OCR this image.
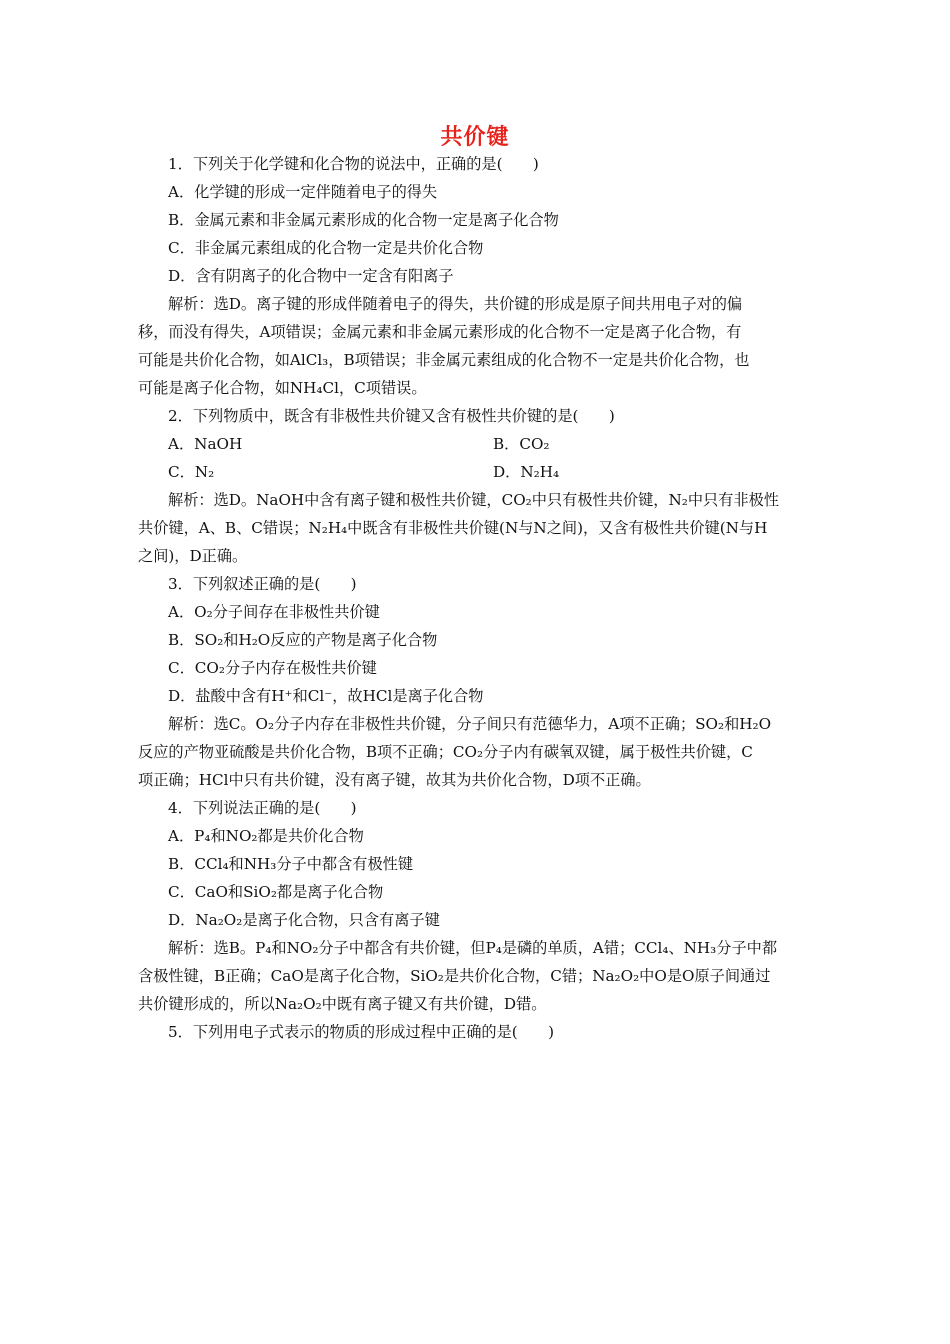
共价键

1．下列关于化学键和化合物的说法中，正确的是(　　)

A．化学键的形成一定伴随着电子的得失

B．金属元素和非金属元素形成的化合物一定是离子化合物

C．非金属元素组成的化合物一定是共价化合物

D．含有阴离子的化合物中一定含有阳离子

解析：选D。离子键的形成伴随着电子的得失，共价键的形成是原子间共用电子对的偏

移，而没有得失，A项错误；金属元素和非金属元素形成的化合物不一定是离子化合物，有

可能是共价化合物，如AlCl₃，B项错误；非金属元素组成的化合物不一定是共价化合物，也

可能是离子化合物，如NH₄Cl，C项错误。

2．下列物质中，既含有非极性共价键又含有极性共价键的是(　　)

A．NaOH	B．CO₂
C．N₂	D．N₂H₄

解析：选D。NaOH中含有离子键和极性共价键，CO₂中只有极性共价键，N₂中只有非极性

共价键，A、B、C错误；N₂H₄中既含有非极性共价键(N与N之间)，又含有极性共价键(N与H

之间)，D正确。

3．下列叙述正确的是(　　)

A．O₂分子间存在非极性共价键

B．SO₂和H₂O反应的产物是离子化合物

C．CO₂分子内存在极性共价键

D．盐酸中含有H⁺和Cl⁻，故HCl是离子化合物

解析：选C。O₂分子内存在非极性共价键，分子间只有范德华力，A项不正确；SO₂和H₂O

反应的产物亚硫酸是共价化合物，B项不正确；CO₂分子内有碳氧双键，属于极性共价键，C

项正确；HCl中只有共价键，没有离子键，故其为共价化合物，D项不正确。

4．下列说法正确的是(　　)

A．P₄和NO₂都是共价化合物

B．CCl₄和NH₃分子中都含有极性键

C．CaO和SiO₂都是离子化合物

D．Na₂O₂是离子化合物，只含有离子键

解析：选B。P₄和NO₂分子中都含有共价键，但P₄是磷的单质，A错；CCl₄、NH₃分子中都

含极性键，B正确；CaO是离子化合物，SiO₂是共价化合物，C错；Na₂O₂中O是O原子间通过

共价键形成的，所以Na₂O₂中既有离子键又有共价键，D错。

5．下列用电子式表示的物质的形成过程中正确的是(　　)
